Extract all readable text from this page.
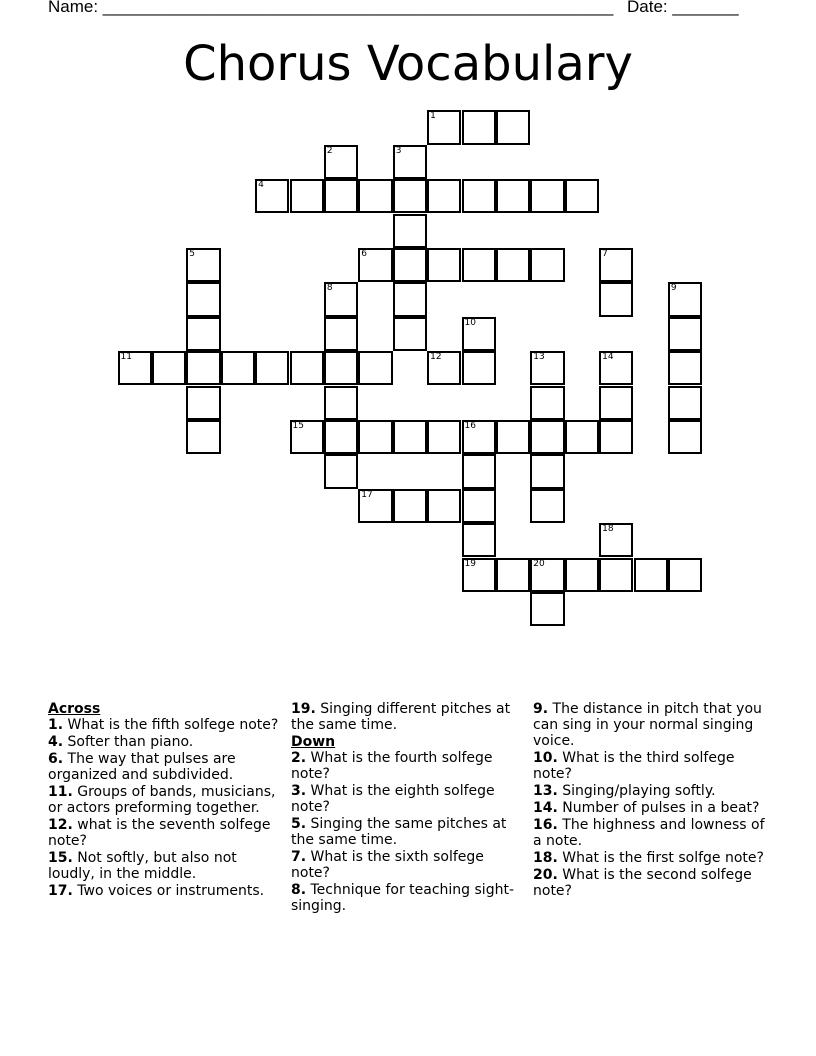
Name: ______________________________________________________ Date: _______
Chorus Vocabulary
1
2	3
4
5	6	7
8	9
10
11	12	13	14
15	16
17
18
19	20
Across
1. What is the fifth solfege note?
4. Softer than piano.
6. The way that pulses are organized and subdivided.
11. Groups of bands, musicians, or actors preforming together.
12. what is the seventh solfege note?
15. Not softly, but also not loudly, in the middle.
17. Two voices or instruments.
19. Singing different pitches at the same time.
Down
2. What is the fourth solfege note?
3. What is the eighth solfege note?
5. Singing the same pitches at the same time.
7. What is the sixth solfege note?
8. Technique for teaching sight-singing.
9. The distance in pitch that you can sing in your normal singing voice.
10. What is the third solfege note?
13. Singing/playing softly.
14. Number of pulses in a beat?
16. The highness and lowness of a note.
18. What is the first solfge note?
20. What is the second solfege note?
